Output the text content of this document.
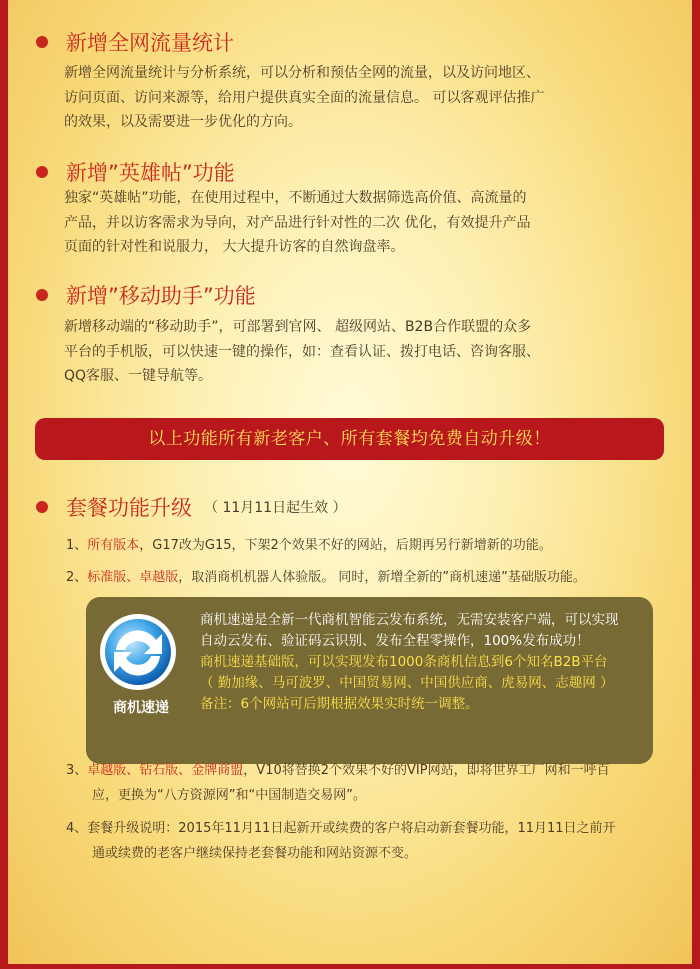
新增全网流量统计

新增全网流量统计与分析系统，可以分析和预估全网的流量，以及访问地区、

访问页面、访问来源等，给用户提供真实全面的流量信息。 可以客观评估推广

的效果，以及需要进一步优化的方向。

新增”英雄帖”功能

独家“英雄帖”功能，在使用过程中，不断通过大数据筛选高价值、高流量的

产品，并以访客需求为导向，对产品进行针对性的二次 优化，有效提升产品

页面的针对性和说服力， 大大提升访客的自然询盘率。

新增”移动助手”功能

新增移动端的“移动助手”，可部署到官网、 超级网站、B2B合作联盟的众多

平台的手机版，可以快速一键的操作，如：查看认证、拨打电话、咨询客服、

QQ客服、一键导航等。

以上功能所有新老客户、所有套餐均免费自动升级！
套餐功能升级 （ 11月11日起生效 ）

1、所有版本，G17改为G15，下架2个效果不好的网站，后期再另行新增新的功能。

2、标准版、卓越版，取消商机机器人体验版。 同时，新增全新的”商机速递”基础版功能。

商机速递

商机速递是全新一代商机智能云发布系统，无需安装客户端，可以实现

自动云发布、验证码云识别、发布全程零操作，100%发布成功！

商机速递基础版，可以实现发布1000条商机信息到6个知名B2B平台

（ 勤加缘、马可波罗、中国贸易网、中国供应商、虎易网、志趣网 ）

备注：6个网站可后期根据效果实时统一调整。

3、卓越版、钻石版、金牌商盟，V10将替换2个效果不好的VIP网站，即将世界工厂网和一呼百

应，更换为“八方资源网”和“中国制造交易网”。

4、套餐升级说明：2015年11月11日起新开或续费的客户将启动新套餐功能，11月11日之前开

通或续费的老客户继续保持老套餐功能和网站资源不变。
